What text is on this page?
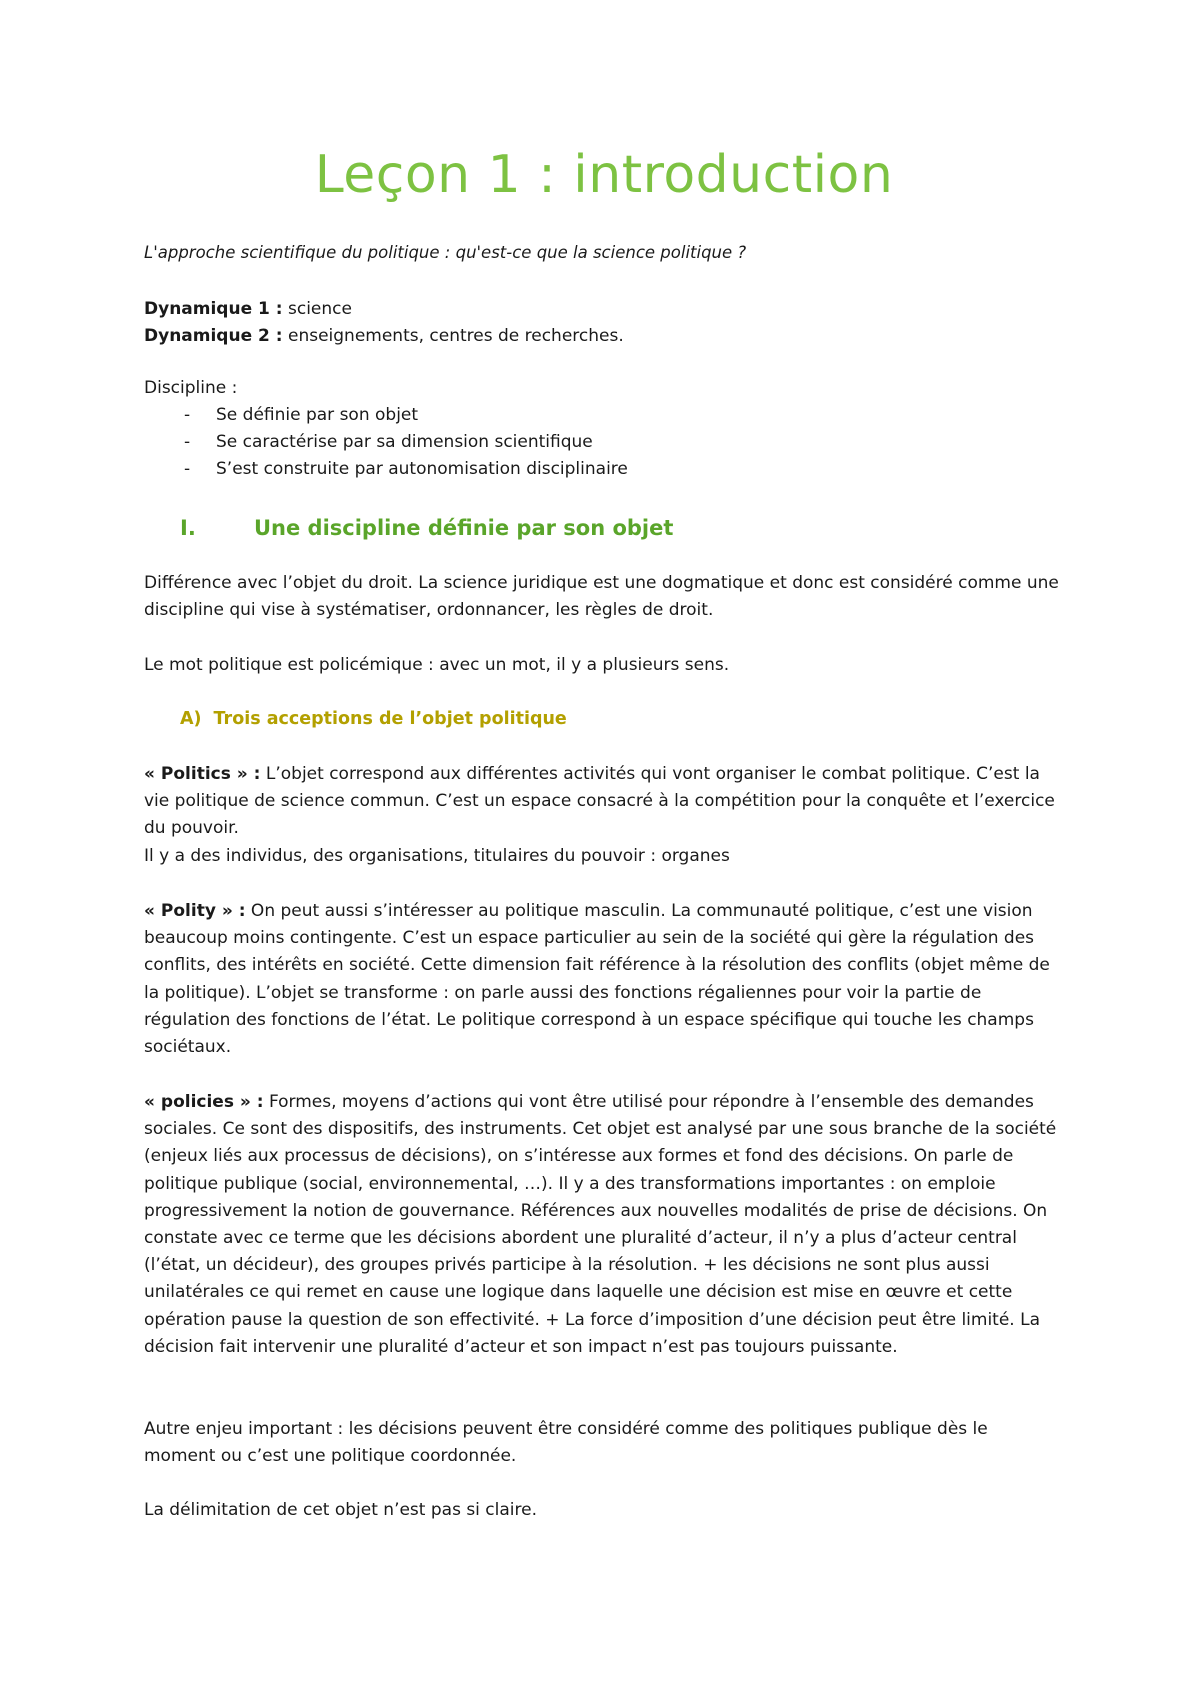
Leçon 1 : introduction

L'approche scientifique du politique : qu'est-ce que la science politique ?

Dynamique 1 : science
Dynamique 2 : enseignements, centres de recherches.
Discipline :
- Se définie par son objet
- Se caractérise par sa dimension scientifique
- S’est construite par autonomisation disciplinaire
I.	Une discipline définie par son objet

Différence avec l’objet du droit. La science juridique est une dogmatique et donc est considéré comme une discipline qui vise à systématiser, ordonnancer, les règles de droit.

Le mot politique est policémique : avec un mot, il y a plusieurs sens.

A) Trois acceptions de l’objet politique
« Politics » : L’objet correspond aux différentes activités qui vont organiser le combat politique. C’est la vie politique de science commun. C’est un espace consacré à la compétition pour la conquête et l’exercice du pouvoir.
Il y a des individus, des organisations, titulaires du pouvoir : organes

« Polity » : On peut aussi s’intéresser au politique masculin. La communauté politique, c’est une vision beaucoup moins contingente. C’est un espace particulier au sein de la société qui gère la régulation des conflits, des intérêts en société. Cette dimension fait référence à la résolution des conflits (objet même de la politique). L’objet se transforme : on parle aussi des fonctions régaliennes pour voir la partie de régulation des fonctions de l’état. Le politique correspond à un espace spécifique qui touche les champs sociétaux.

« policies » : Formes, moyens d’actions qui vont être utilisé pour répondre à l’ensemble des demandes sociales. Ce sont des dispositifs, des instruments. Cet objet est analysé par une sous branche de la société (enjeux liés aux processus de décisions), on s’intéresse aux formes et fond des décisions. On parle de politique publique (social, environnemental, …). Il y a des transformations importantes : on emploie progressivement la notion de gouvernance. Références aux nouvelles modalités de prise de décisions. On constate avec ce terme que les décisions abordent une pluralité d’acteur, il n’y a plus d’acteur central (l’état, un décideur), des groupes privés participe à la résolution. + les décisions ne sont plus aussi unilatérales ce qui remet en cause une logique dans laquelle une décision est mise en œuvre et cette opération pause la question de son effectivité. + La force d’imposition d’une décision peut être limité. La décision fait intervenir une pluralité d’acteur et son impact n’est pas toujours puissante.

Autre enjeu important : les décisions peuvent être considéré comme des politiques publique dès le moment ou c’est une politique coordonnée.

La délimitation de cet objet n’est pas si claire.
